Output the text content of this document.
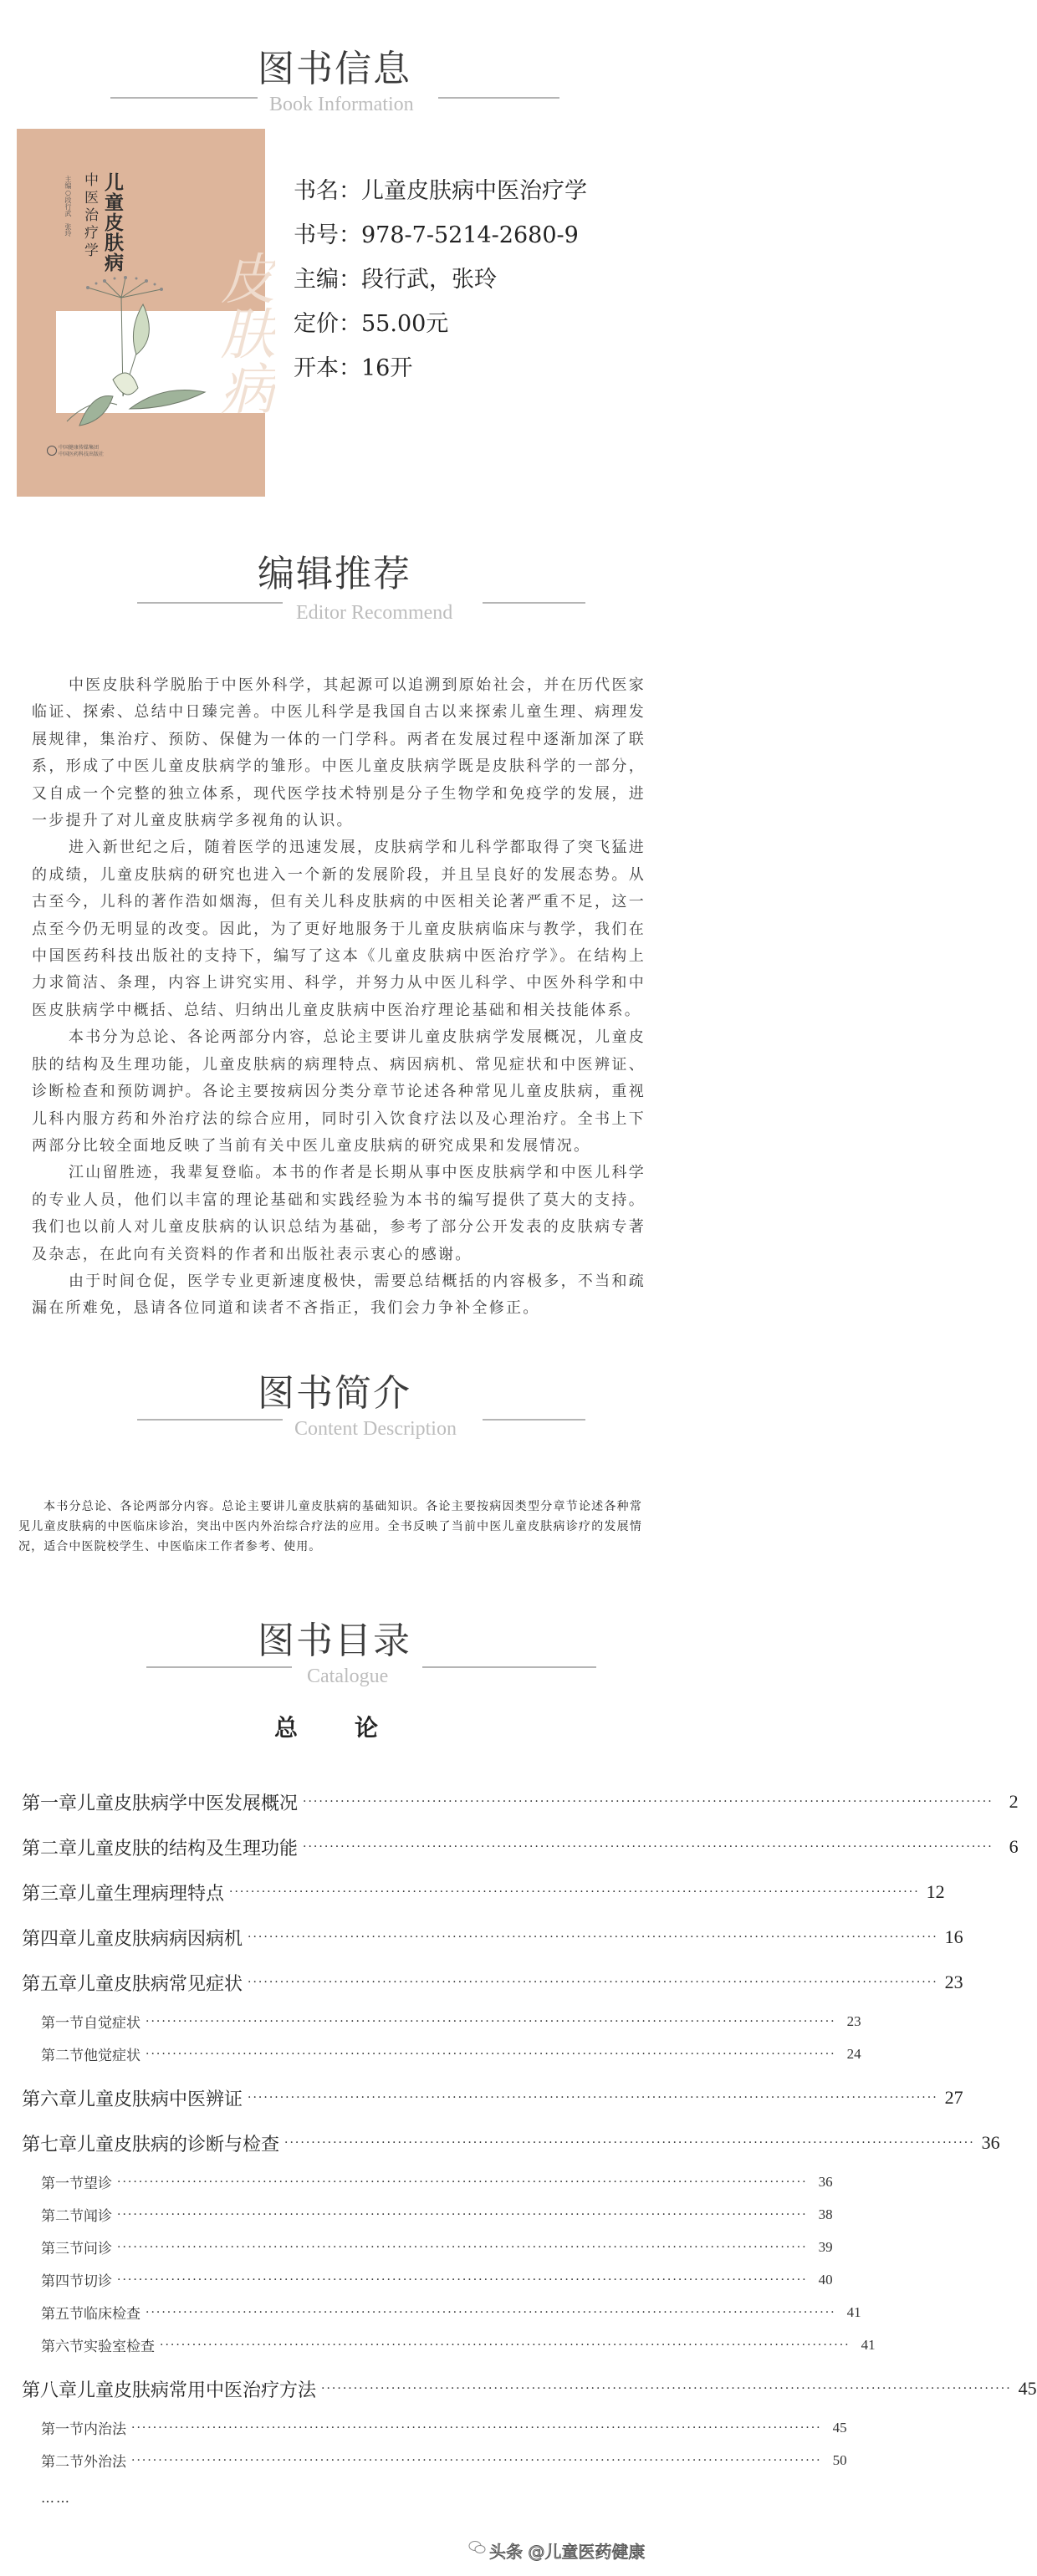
图书信息
Book Information
皮肤病
儿童皮肤病
中医治疗学
主编○段行武　张玲
中国健康传媒集团
中国医药科技出版社
书名：儿童皮肤病中医治疗学
书号：978-7-5214-2680-9
主编：段行武，张玲
定价：55.00元
开本：16开
编辑推荐
Editor Recommend

中医皮肤科学脱胎于中医外科学，其起源可以追溯到原始社会，并在历代医家临证、探索、总结中日臻完善。中医儿科学是我国自古以来探索儿童生理、病理发展规律，集治疗、预防、保健为一体的一门学科。两者在发展过程中逐渐加深了联系，形成了中医儿童皮肤病学的雏形。中医儿童皮肤病学既是皮肤科学的一部分，又自成一个完整的独立体系，现代医学技术特别是分子生物学和免疫学的发展，进一步提升了对儿童皮肤病学多视角的认识。

进入新世纪之后，随着医学的迅速发展，皮肤病学和儿科学都取得了突飞猛进的成绩，儿童皮肤病的研究也进入一个新的发展阶段，并且呈良好的发展态势。从古至今，儿科的著作浩如烟海，但有关儿科皮肤病的中医相关论著严重不足，这一点至今仍无明显的改变。因此，为了更好地服务于儿童皮肤病临床与教学，我们在中国医药科技出版社的支持下，编写了这本《儿童皮肤病中医治疗学》。在结构上力求简洁、条理，内容上讲究实用、科学，并努力从中医儿科学、中医外科学和中医皮肤病学中概括、总结、归纳出儿童皮肤病中医治疗理论基础和相关技能体系。

本书分为总论、各论两部分内容，总论主要讲儿童皮肤病学发展概况，儿童皮肤的结构及生理功能，儿童皮肤病的病理特点、病因病机、常见症状和中医辨证、诊断检查和预防调护。各论主要按病因分类分章节论述各种常见儿童皮肤病，重视儿科内服方药和外治疗法的综合应用，同时引入饮食疗法以及心理治疗。全书上下两部分比较全面地反映了当前有关中医儿童皮肤病的研究成果和发展情况。

江山留胜迹，我辈复登临。本书的作者是长期从事中医皮肤病学和中医儿科学的专业人员，他们以丰富的理论基础和实践经验为本书的编写提供了莫大的支持。我们也以前人对儿童皮肤病的认识总结为基础，参考了部分公开发表的皮肤病专著及杂志，在此向有关资料的作者和出版社表示衷心的感谢。

由于时间仓促，医学专业更新速度极快，需要总结概括的内容极多，不当和疏漏在所难免，恳请各位同道和读者不吝指正，我们会力争补全修正。

图书简介
Content Description

本书分总论、各论两部分内容。总论主要讲儿童皮肤病的基础知识。各论主要按病因类型分章节论述各种常见儿童皮肤病的中医临床诊治，突出中医内外治综合疗法的应用。全书反映了当前中医儿童皮肤病诊疗的发展情况，适合中医院校学生、中医临床工作者参考、使用。

图书目录
Catalogue
总　论
第一章 儿童皮肤病学中医发展概况 ·····	2
第二章 儿童皮肤的结构及生理功能 ·····	6
第三章 儿童生理病理特点 ·····	12
第四章 儿童皮肤病病因病机 ·····	16
第五章 儿童皮肤病常见症状 ·····	23
第一节 自觉症状 ·····	23
第二节 他觉症状 ·····	24
第六章 儿童皮肤病中医辨证 ·····	27
第七章 儿童皮肤病的诊断与检查 ·····	36
第一节 望诊 ·····	36
第二节 闻诊 ·····	38
第三节 问诊 ·····	39
第四节 切诊 ·····	40
第五节 临床检查 ·····	41
第六节 实验室检查 ·····	41
第八章 儿童皮肤病常用中医治疗方法 ·····	45
第一节 内治法 ·····	45
第二节 外治法 ·····	50
……
头条 @儿童医药健康
